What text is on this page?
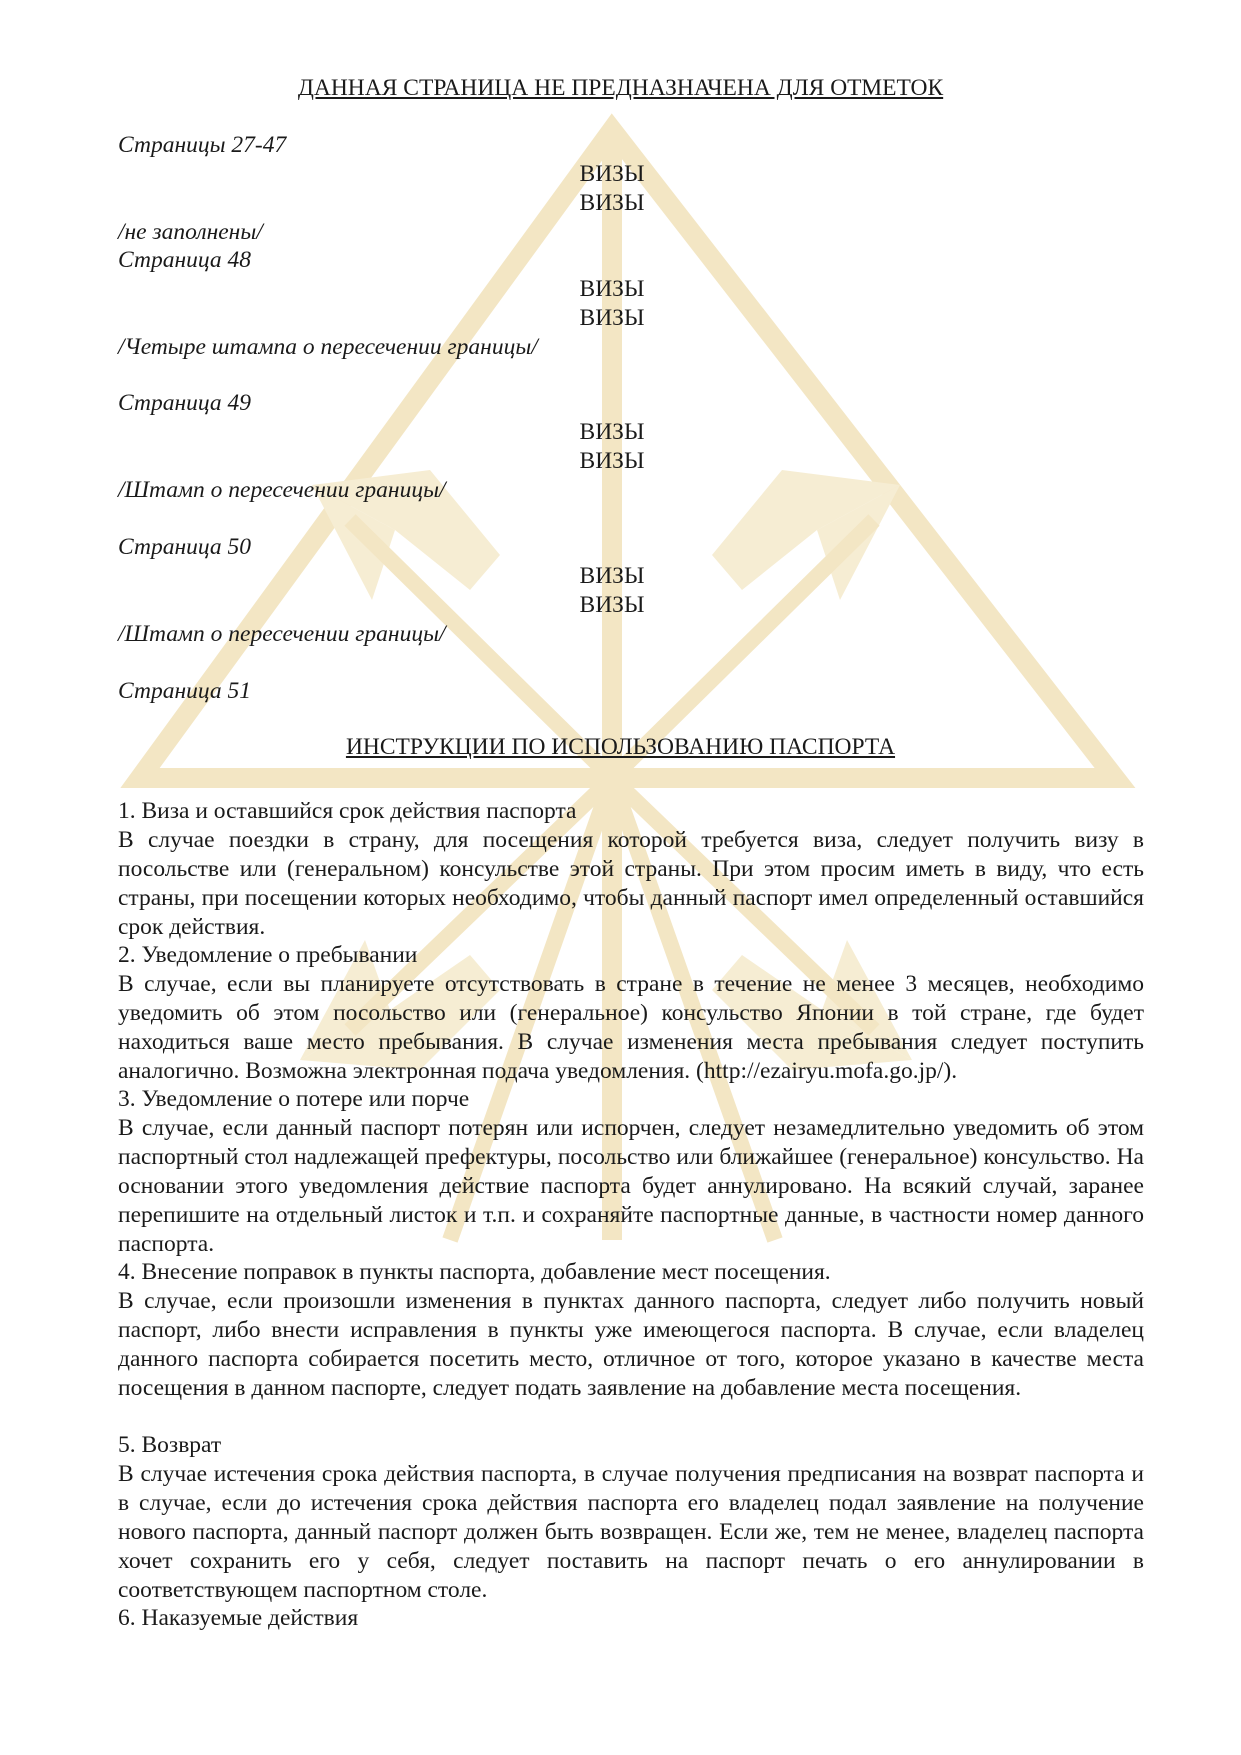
ДАННАЯ СТРАНИЦА НЕ ПРЕДНАЗНАЧЕНА ДЛЯ ОТМЕТОК
Страницы 27-47
ВИЗЫ
ВИЗЫ
/не заполнены/
Страница 48
ВИЗЫ
ВИЗЫ
/Четыре штампа о пересечении границы/
Страница 49
ВИЗЫ
ВИЗЫ
/Штамп о пересечении границы/
Страница 50
ВИЗЫ
ВИЗЫ
/Штамп о пересечении границы/
Страница 51
ИНСТРУКЦИИ ПО ИСПОЛЬЗОВАНИЮ ПАСПОРТА
1. Виза и оставшийся срок действия паспорта
В случае поездки в страну, для посещения которой требуется виза, следует получить визу в посольстве или (генеральном) консульстве этой страны. При этом просим иметь в виду, что есть страны, при посещении которых необходимо, чтобы данный паспорт имел определенный оставшийся срок действия.
2. Уведомление о пребывании
В случае, если вы планируете отсутствовать в стране в течение не менее 3 месяцев, необходимо уведомить об этом посольство или (генеральное) консульство Японии в той стране, где будет находиться ваше место пребывания. В случае изменения места пребывания следует поступить аналогично. Возможна электронная подача уведомления. (http://ezairyu.mofa.go.jp/).
3. Уведомление о потере или порче
В случае, если данный паспорт потерян или испорчен, следует незамедлительно уведомить об этом паспортный стол надлежащей префектуры, посольство или ближайшее (генеральное) консульство. На основании этого уведомления действие паспорта будет аннулировано. На всякий случай, заранее перепишите на отдельный листок и т.п. и сохраняйте паспортные данные, в частности номер данного паспорта.
4. Внесение поправок в пункты паспорта, добавление мест посещения.
В случае, если произошли изменения в пунктах данного паспорта, следует либо получить новый паспорт, либо внести исправления в пункты уже имеющегося паспорта. В случае, если владелец данного паспорта собирается посетить место, отличное от того, которое указано в качестве места посещения в данном паспорте, следует подать заявление на добавление места посещения.
5. Возврат
В случае истечения срока действия паспорта, в случае получения предписания на возврат паспорта и в случае, если до истечения срока действия паспорта его владелец подал заявление на получение нового паспорта, данный паспорт должен быть возвращен. Если же, тем не менее, владелец паспорта хочет сохранить его у себя, следует поставить на паспорт печать о его аннулировании в соответствующем паспортном столе.
6. Наказуемые действия
